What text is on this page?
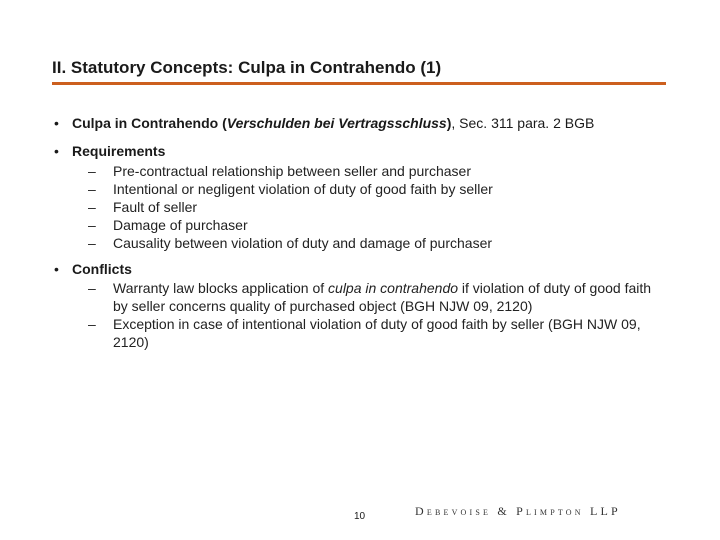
II. Statutory Concepts: Culpa in Contrahendo (1)
• Culpa in Contrahendo (Verschulden bei Vertragsschluss), Sec. 311 para. 2 BGB
• Requirements
–	Pre-contractual relationship between seller and purchaser
–	Intentional or negligent violation of duty of good faith by seller
–	Fault of seller
–	Damage of purchaser
–	Causality between violation of duty and damage of purchaser
• Conflicts
–	Warranty law blocks application of culpa in contrahendo if violation of duty of good faith by seller concerns quality of purchased object (BGH NJW 09, 2120)
–	Exception in case of intentional violation of duty of good faith by seller (BGH NJW 09, 2120)
10	Debevoise & Plimpton LLP
